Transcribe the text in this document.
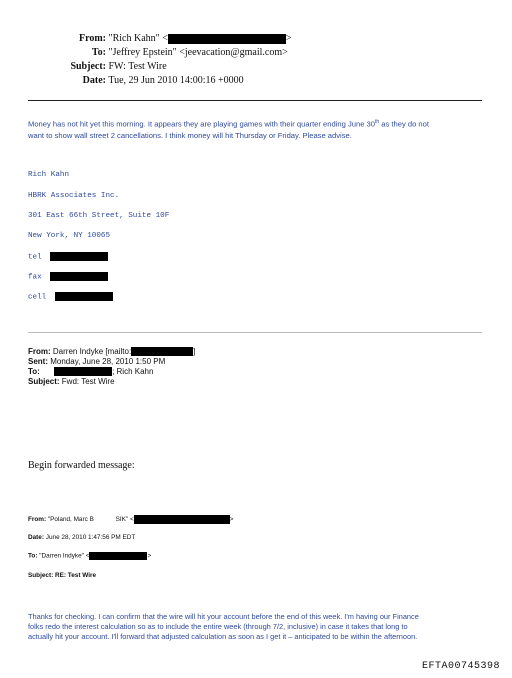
From: "Rich Kahn" <	>
To: "Jeffrey Epstein" <jeevacation@gmail.com>
Subject: FW: Test Wire
Date: Tue, 29 Jun 2010 14:00:16 +0000
Money has not hit yet this morning. It appears they are playing games with their quarter ending June 30th as they do not
want to show wall street 2 cancellations. I think money will hit Thursday or Friday. Please advise.
Rich Kahn
HBRK Associates Inc.
301 East 66th Street, Suite 10F
New York, NY 10065
tel
fax
cell
From: Darren Indyke [mailto:	]
Sent: Monday, June 28, 2010 1:50 PM
To:	; Rich Kahn
Subject: Fwd: Test Wire
Begin forwarded message:
From: "Poland, Marc B	SIK" <	>
Date: June 28, 2010 1:47:56 PM EDT
To: "Darren Indyke" <	>
Subject: RE: Test Wire
Thanks for checking. I can confirm that the wire will hit your account before the end of this week. I'm having our Finance
folks redo the interest calculation so as to include the entire week (through 7/2, inclusive) in case it takes that long to
actually hit your account. I'll forward that adjusted calculation as soon as I get it – anticipated to be within the afternoon.
EFTA00745398
